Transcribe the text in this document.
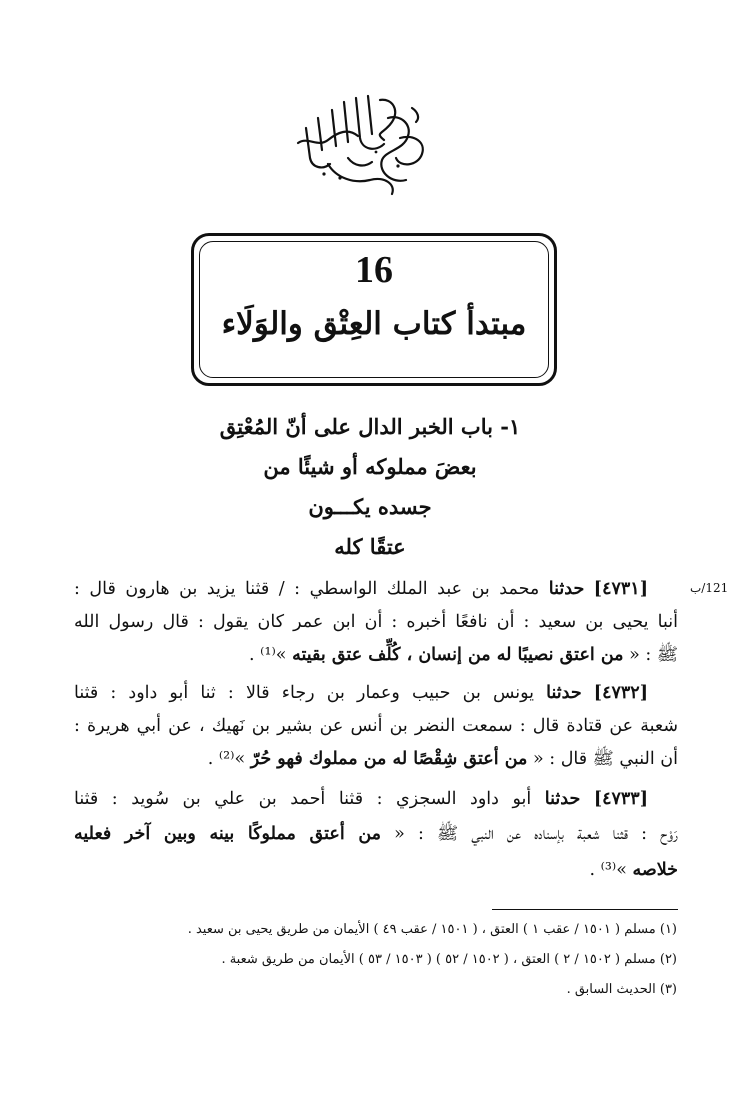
16
مبتدأ كتاب العِتْق والوَلَاء
١- باب الخبر الدال على أنّ المُعْتِق
بعضَ مملوكه أو شيئًا من
جسده يكـــون
عتقًا كله
121/ب
[٤٧٣١] حدثنا محمد بن عبد الملك الواسطي : / قثنا يزيد بن هارون قال :
أنبا يحيى بن سعيد : أن نافعًا أخبره : أن ابن عمر كان يقول : قال رسول الله
ﷺ : « من اعتق نصيبًا له من إنسان ، كُلِّف عتق بقيته »⁽¹⁾ .
[٤٧٣٢] حدثنا يونس بن حبيب وعمار بن رجاء قالا : ثنا أبو داود : قثنا
شعبة عن قتادة قال : سمعت النضر بن أنس عن بشير بن نَهيك ، عن أبي هريرة :
أن النبي ﷺ قال : « من أعتق شِقْصًا له من مملوك فهو حُرّ »⁽²⁾ .
[٤٧٣٣] حدثنا أبو داود السجزي : قثنا أحمد بن علي بن سُويد : قثنا
رَوْح : قثنا شعبة بإسناده عن النبي ﷺ : « من أعتق مملوكًا بينه وبين آخر فعليه
خلاصه »⁽³⁾ .
(١) مسلم ( ١٥٠١ / عقب ١ ) العتق ، ( ١٥٠١ / عقب ٤٩ ) الأيمان من طريق يحيى بن سعيد .
(٢) مسلم ( ١٥٠٢ / ٢ ) العتق ، ( ١٥٠٢ / ٥٢ ) ( ١٥٠٣ / ٥٣ ) الأيمان من طريق شعبة .
(٣) الحديث السابق .
